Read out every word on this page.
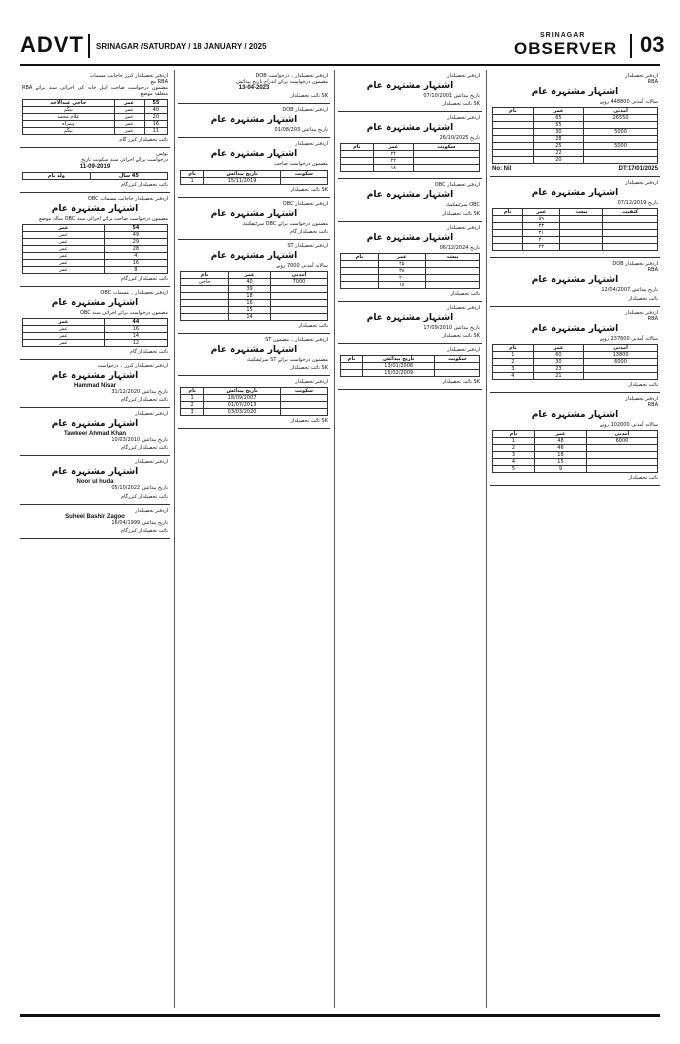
ADVT SRINAGAR /SATURDAY / 18 JANUARY / 2025
SRINAGAR
OBSERVER 03
ازدفتر تحصیلدار کنزر جاجانب مسمات
RBA مع
مضمون درخواست صاحب اہل خانہ کی اجرائی سند برائے RBA متعلقہ موضع
55	عمر	حاجی عبدالاحد
40	عمر	بیگم
20	عمر	غلام محمد
16	عمر	ہمراہ
11	عمر	بیگم
نائب تحصیلدار کنزر گام
نوٹس
درخواست برائے اجرائی سند سکونت تاریخ
11-09-2019
45 سال	ولد نام
نائب تحصیلدار کنزرگام
ازدفتر تحصیلدار جاجانب مسمات OBC
اشتہار مشتہرہ عام
مضمون درخواست صاحب برائے اجرائی سند OBC سالہ موضع
54	عمر
49	عمر
29	عمر
28	عمر
4	عمر
16	عمر
8	عمر
نائب تحصیلدار کنزرگام
ازدفتر تحصیلدار ۔ مسمات OBC
اشتہار مشتہرہ عام
مضمون درخواست برائے اجرائی سند OBC
44	عمر
16	عمر
14	عمر
12	عمر
نائب تحصیلدار گام
ازدفتر تحصیلدار کنزر ۔ درخواست
اشتہار مشتہرہ عام
Hammad Nisar
تاریخ پیدائش 31/12/2020
نائب تحصیلدار کنزرگام
ازدفتر تحصیلدار
اشتہار مشتہرہ عام
Tawkeer Ahmad Khan
تاریخ پیدائش 10/03/2010
نائب تحصیلدار کنزرگام
ازدفتر تحصیلدار
اشتہار مشتہرہ عام
Noor ul huda
تاریخ پیدائش 05/10/2022
نائب تحصیلدار کنزرگام
ازدفتر تحصیلدار
Suheel Bashir Zagoo
تاریخ پیدائش 16/04/1999
نائب تحصیلدار کنزرگام
ازدفتر تحصیلدار ۔ درخواست DOB
مضمون درخواست برائے اندراج تاریخ پیدائش
13-04-2023
SK نائب تحصیلدار
ازدفتر تحصیلدار DOB
اشتہار مشتہرہ عام
تاریخ پیدائش 01/08/203
ازدفتر تحصیلدار
اشتہار مشتہرہ عام
مضمون درخواست صاحب
سکونت	تاریخ پیدائش	نام
	15/11/2019	1
SK نائب تحصیلدار
ازدفتر تحصیلدار OBC
اشتہار مشتہرہ عام
مضمون درخواست برائے OBC سرٹیفکیٹ
نائب تحصیلدار گام
ازدفتر تحصیلدار ST
اشتہار مشتہرہ عام
سالانہ آمدنی 7000 روپے
آمدنی	عمر	نام
7000	40	حاجی
	39	
	18	
	16	
	15	
	14	
نائب تحصیلدار
ازدفتر تحصیلدار ۔ مضمون ST
اشتہار مشتہرہ عام
مضمون درخواست برائے ST سرٹیفکیٹ
SK نائب تحصیلدار
ازدفتر تحصیلدار
سکونت	تاریخ پیدائش	نام
	18/09/2007	1
	01/07/2013	2
	03/03/2020	3
SK نائب تحصیلدار
ازدفتر تحصیلدار
اشتہار مشتہرہ عام
تاریخ پیدائش 07/10/2001
SK نائب تحصیلدار
ازدفتر تحصیلدار
اشتہار مشتہرہ عام
تاریخ 26/10/2025
سکونت	عمر	نام
	۲۴	
	۲۲	
	۱۸	
ازدفتر تحصیلدار OBC
اشتہار مشتہرہ عام
OBC سرٹیفکیٹ
SK نائب تحصیلدار
ازدفتر تحصیلدار
اشتہار مشتہرہ عام
تاریخ 06/12/2024
پیشہ	عمر	نام
	۴۵	
	۳۸	
	۲۰	
	۱۸	
نائب تحصیلدار
ازدفتر تحصیلدار
اشتہار مشتہرہ عام
تاریخ پیدائش 17/09/2010
SK نائب تحصیلدار
ازدفتر تحصیلدار
سکونت	تاریخ پیدائش	نام
	13/01/2008	
	15/02/2009	
SK نائب تحصیلدار
ازدفتر تحصیلدار
RBA
اشتہار مشتہرہ عام
سالانہ آمدنی 448800 روپے
آمدنی	عمر	نام
26550	65	
	55	
5000	30	
	28	
5000	25	
	22	
	20	
No: Nil	DT:17/01/2025
ازدفتر تحصیلدار
اشتہار مشتہرہ عام
تاریخ 07/12/2019
کیفیت	پیشہ	عمر	نام
		۵۹	
		۳۳	
		۳۱	
		۳۰	
		۲۳	
ازدفتر تحصیلدار DOB
RBA
اشتہار مشتہرہ عام
تاریخ پیدائش 12/04/2007
نائب تحصیلدار
ازدفتر تحصیلدار
RBA
اشتہار مشتہرہ عام
سالانہ آمدنی 237600 روپے
آمدنی	عمر	نام
13800	60	1
6000	30	2
	23	3
	21	4
نائب تحصیلدار
ازدفتر تحصیلدار
RBA
اشتہار مشتہرہ عام
سالانہ آمدنی 102000 روپے
آمدنی	عمر	نام
6000	48	1
	46	2
	18	3
	15	4
	9	5
نائب تحصیلدار
